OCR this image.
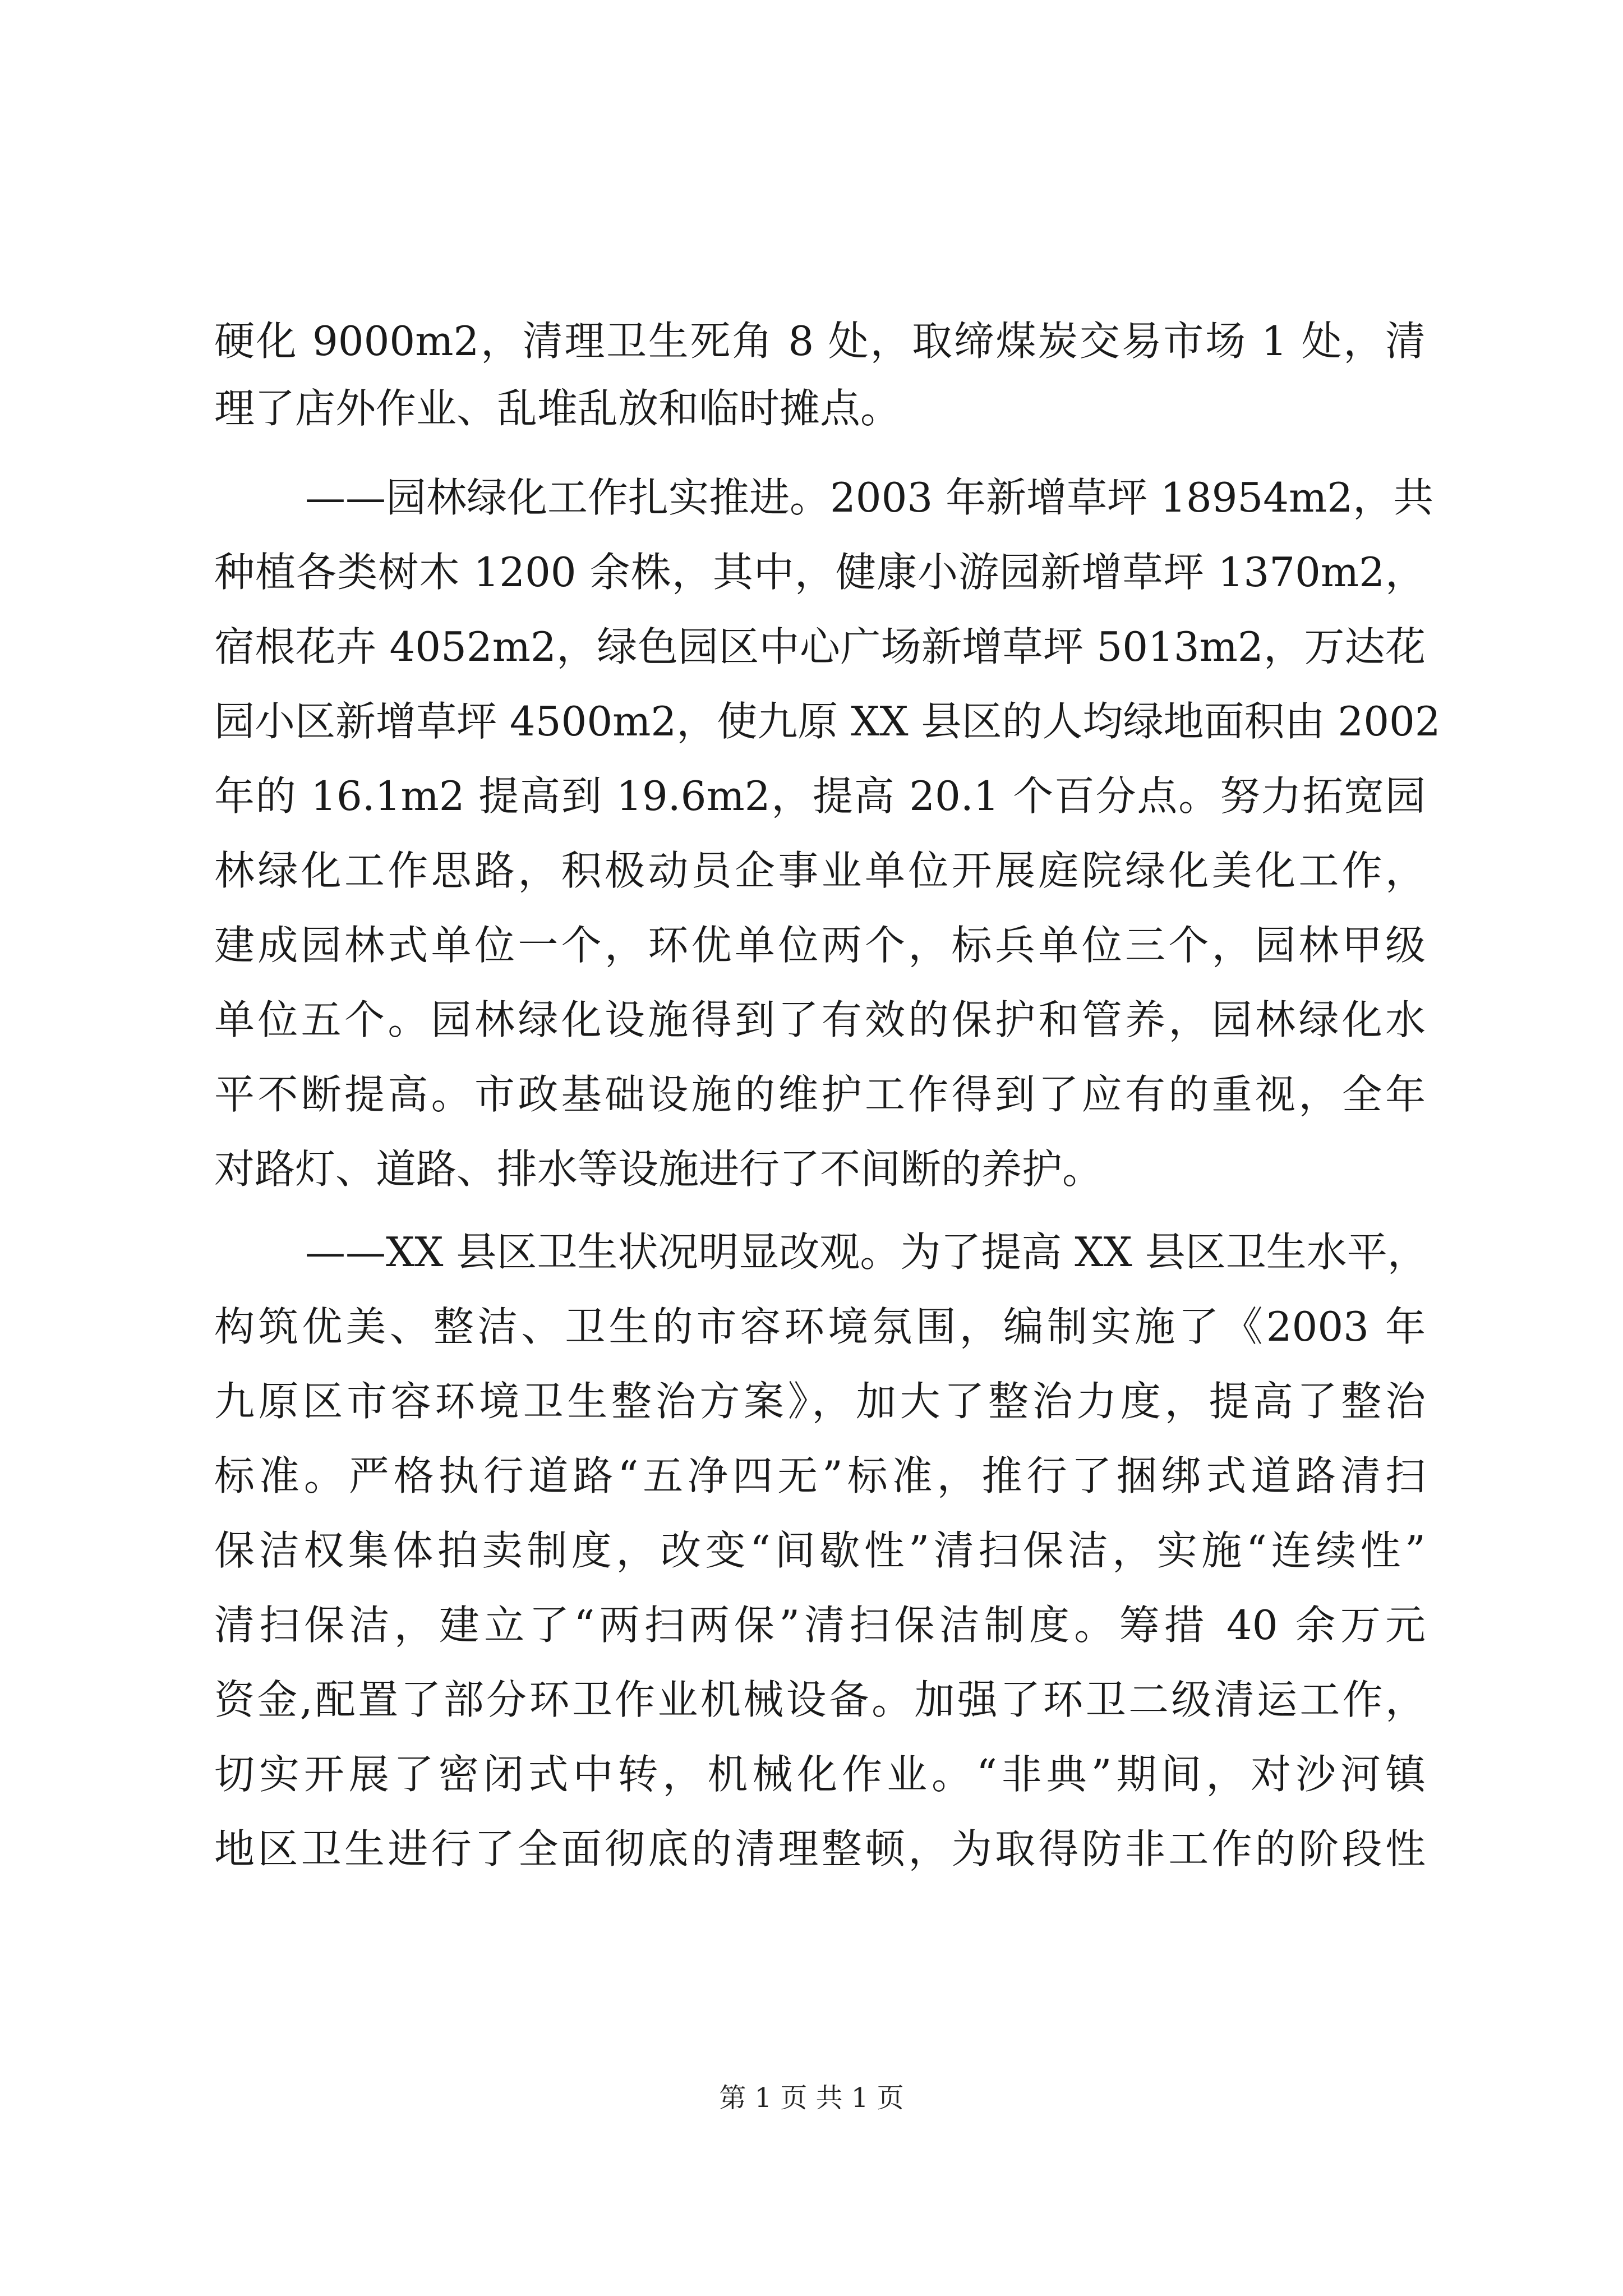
硬化 9000m2，清理卫生死角 8 处，取缔煤炭交易市场 1 处，清
理了店外作业、乱堆乱放和临时摊点。
——园林绿化工作扎实推进。2003 年新增草坪 18954m2，共
种植各类树木 1200 余株，其中，健康小游园新增草坪 1370m2，
宿根花卉 4052m2，绿色园区中心广场新增草坪 5013m2，万达花
园小区新增草坪 4500m2，使九原 XX 县区的人均绿地面积由 2002
年的 16.1m2 提高到 19.6m2，提高 20.1 个百分点。努力拓宽园
林绿化工作思路，积极动员企事业单位开展庭院绿化美化工作，
建成园林式单位一个，环优单位两个，标兵单位三个，园林甲级
单位五个。园林绿化设施得到了有效的保护和管养，园林绿化水
平不断提高。市政基础设施的维护工作得到了应有的重视，全年
对路灯、道路、排水等设施进行了不间断的养护。
——XX 县区卫生状况明显改观。为了提高 XX 县区卫生水平，
构筑优美、整洁、卫生的市容环境氛围，编制实施了《2003 年
九原区市容环境卫生整治方案》，加大了整治力度，提高了整治
标准。严格执行道路“五净四无”标准，推行了捆绑式道路清扫
保洁权集体拍卖制度，改变“间歇性”清扫保洁，实施“连续性”
清扫保洁，建立了“两扫两保”清扫保洁制度。筹措 40 余万元
资金,配置了部分环卫作业机械设备。加强了环卫二级清运工作，
切实开展了密闭式中转，机械化作业。“非典”期间，对沙河镇
地区卫生进行了全面彻底的清理整顿，为取得防非工作的阶段性
第 1 页 共 1 页
